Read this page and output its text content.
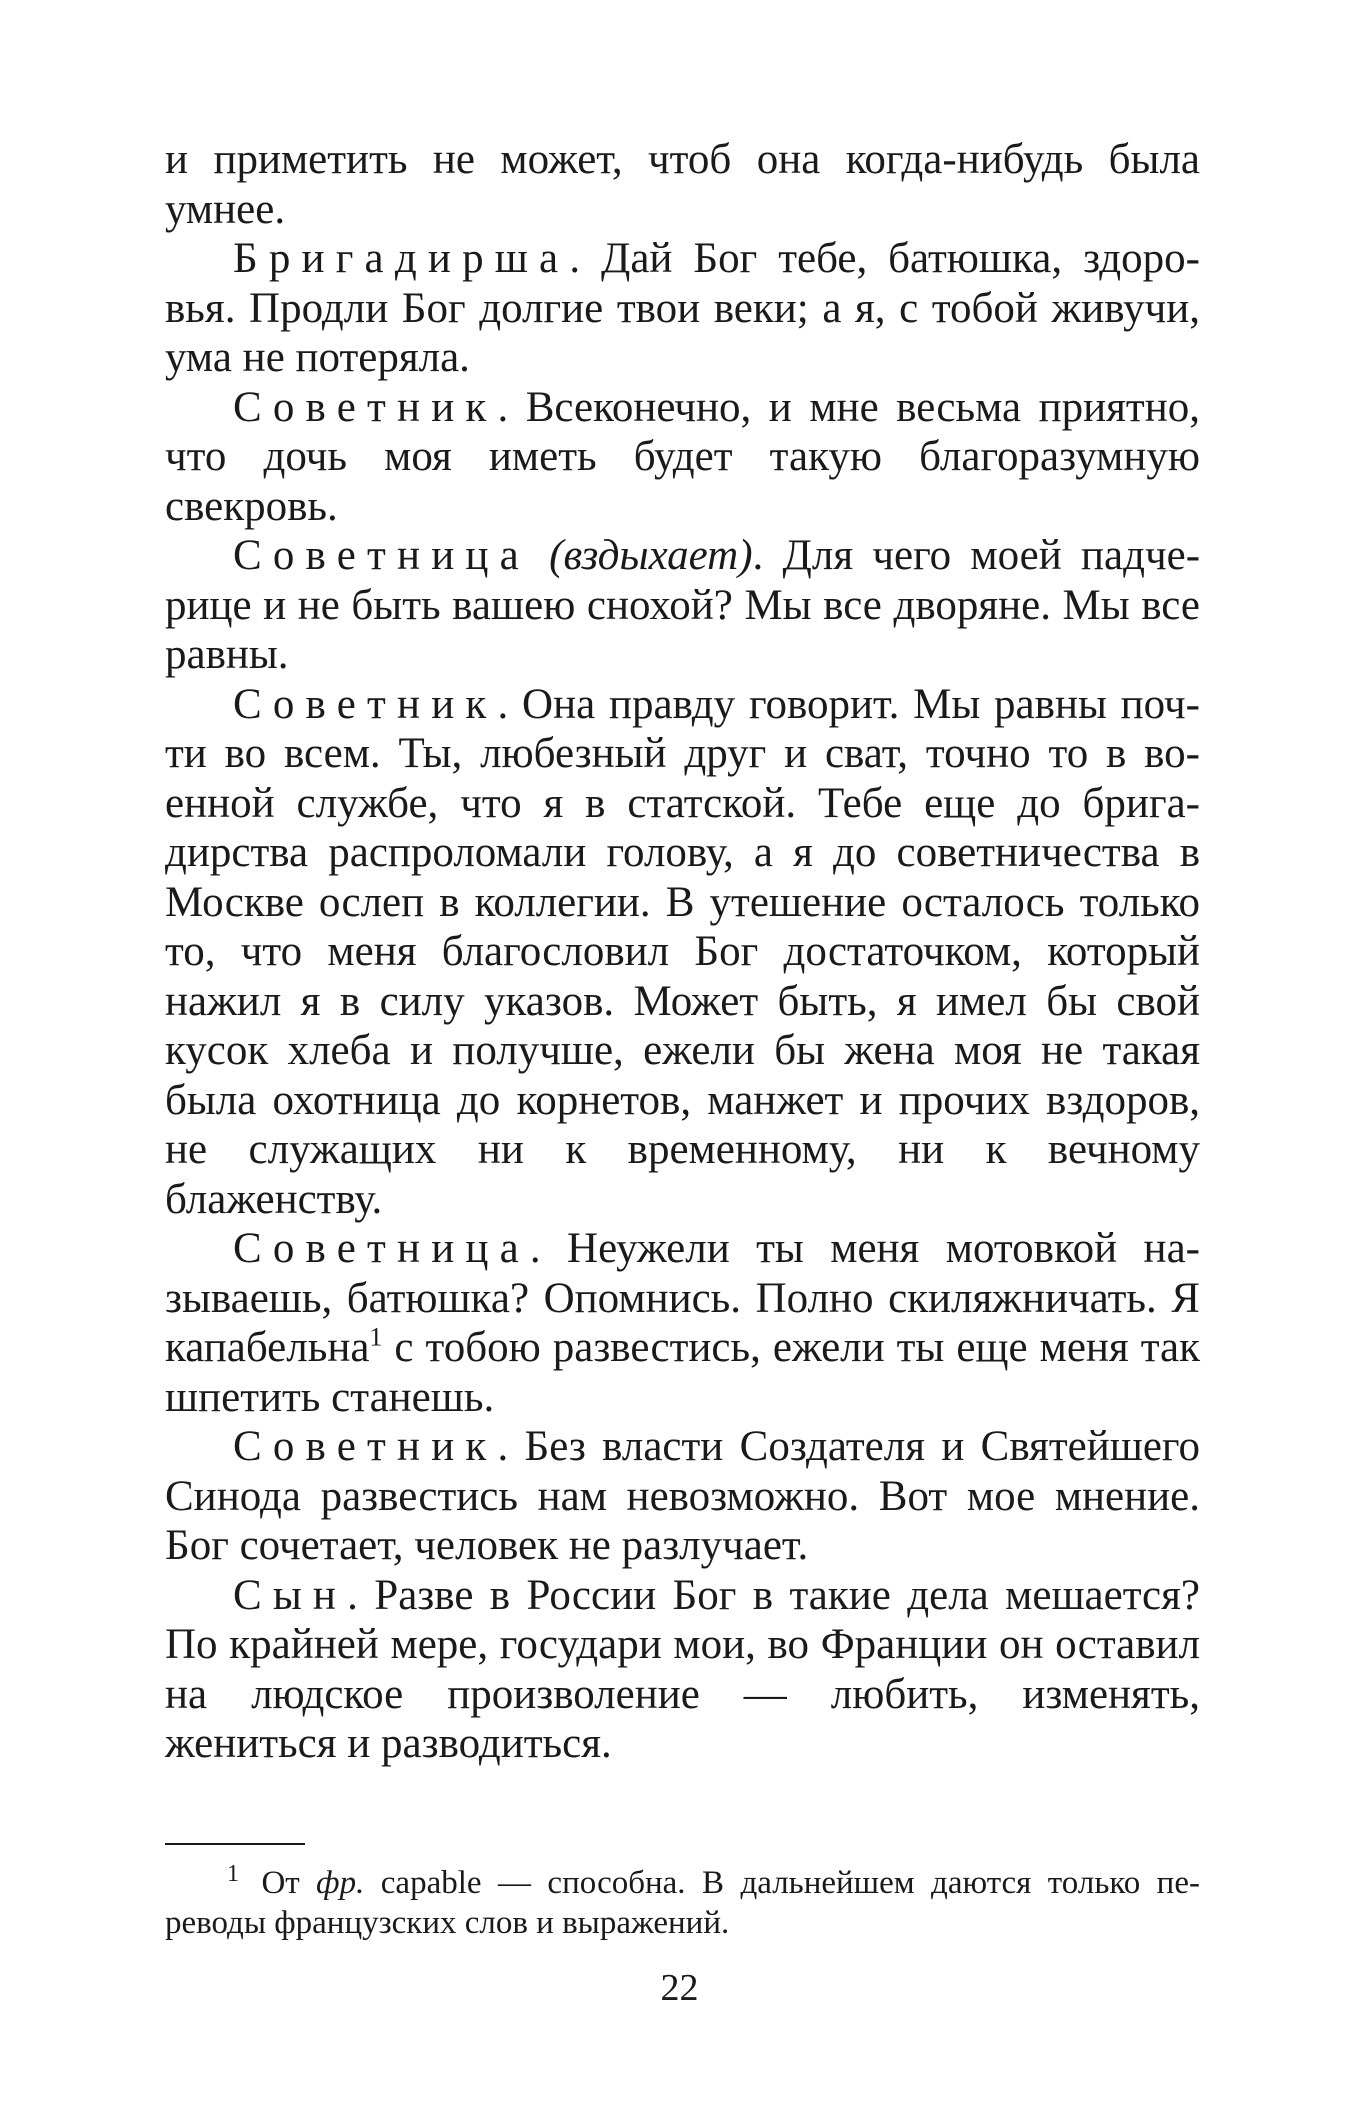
и приметить не может, чтоб она когда-нибудь была умнее.

Бригадирша. Дай Бог тебе, батюшка, здоровья. Продли Бог долгие твои веки; а я, с тобой живучи, ума не потеряла.

Советник. Всеконечно, и мне весьма приятно, что дочь моя иметь будет такую благоразумную свекровь.

Советница (вздыхает). Для чего моей падчерице и не быть вашею снохой? Мы все дворяне. Мы все равны.

Советник. Она правду говорит. Мы равны почти во всем. Ты, любезный друг и сват, точно то в военной службе, что я в статской. Тебе еще до бригадирства распроломали голову, а я до советничества в Москве ослеп в коллегии. В утешение осталось только то, что меня благословил Бог достаточком, который нажил я в силу указов. Может быть, я имел бы свой кусок хлеба и получше, ежели бы жена моя не такая была охотница до корнетов, манжет и прочих вздоров, не служащих ни к временному, ни к вечному блаженству.

Советница. Неужели ты меня мотовкой называешь, батюшка? Опомнись. Полно скиляжничать. Я капабельна$^1$ с тобою развестись, ежели ты еще меня так шпетить станешь.

Советник. Без власти Создателя и Святейшего Синода развестись нам невозможно. Вот мое мнение. Бог сочетает, человек не разлучает.

Сын. Разве в России Бог в такие дела мешается? По крайней мере, государи мои, во Франции он оставил на людское произволение — любить, изменять, жениться и разводиться.

$^1$ От фр. capable — способна. В дальнейшем даются только переводы французских слов и выражений.

22
